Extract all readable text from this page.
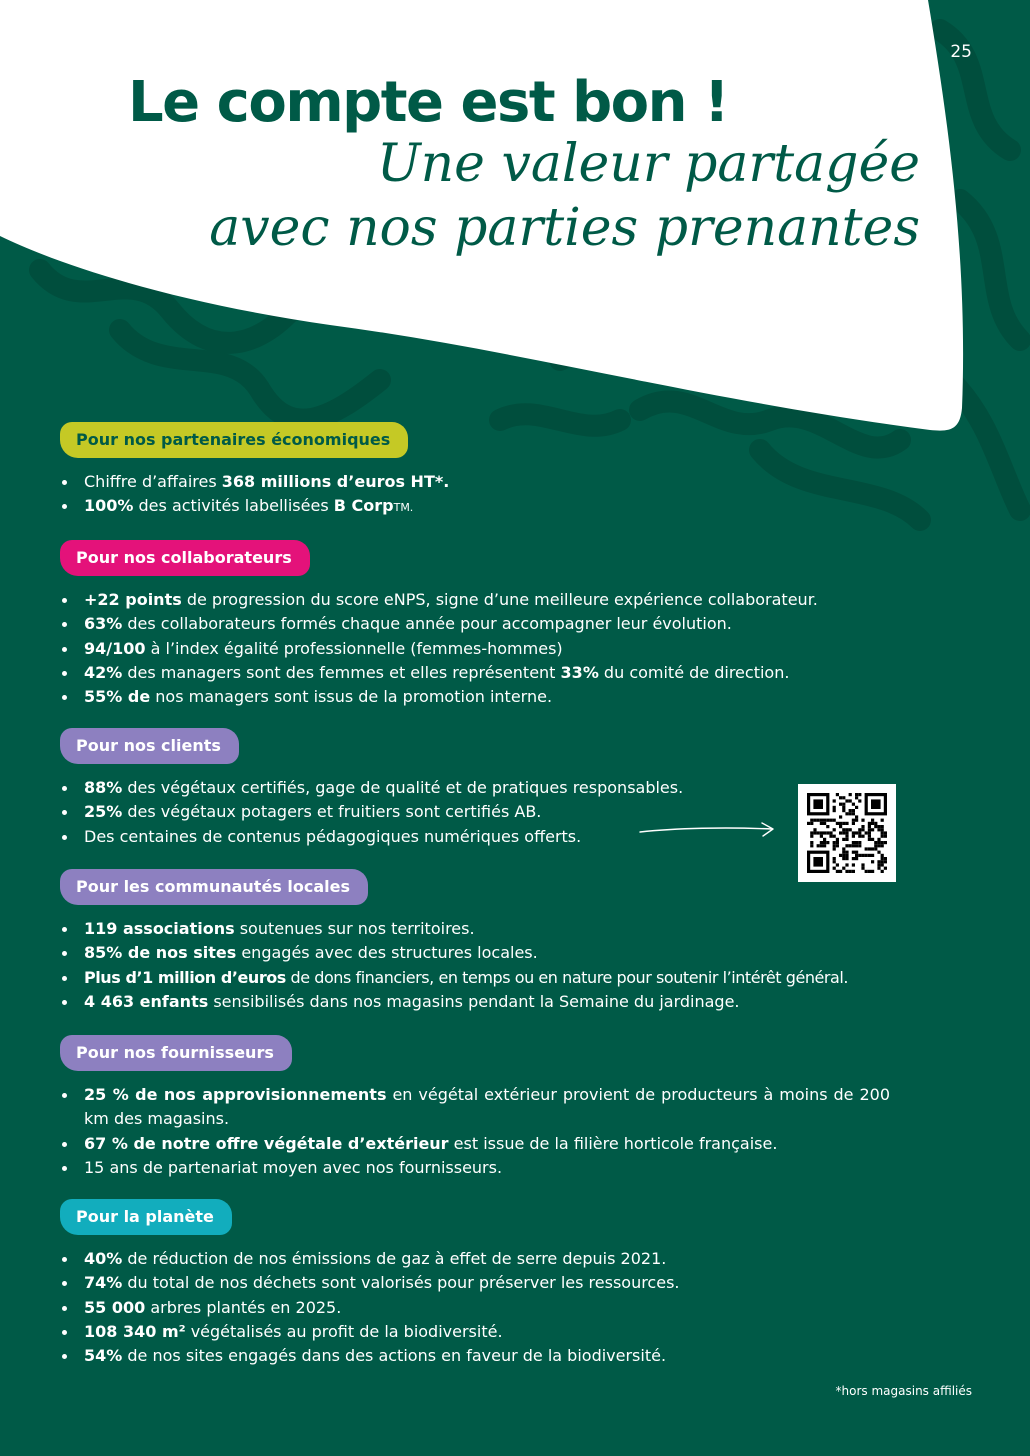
25
Le compte est bon !
Une valeur partagée
avec nos parties prenantes
Pour nos partenaires économiques
Chiffre d’affaires 368 millions d’euros HT*.
100% des activités labellisées B CorpTM.
Pour nos collaborateurs
+22 points de progression du score eNPS, signe d’une meilleure expérience collaborateur.
63% des collaborateurs formés chaque année pour accompagner leur évolution.
94/100 à l’index égalité professionnelle (femmes-hommes)
42% des managers sont des femmes et elles représentent 33% du comité de direction.
55% de nos managers sont issus de la promotion interne.
Pour nos clients
88% des végétaux certifiés, gage de qualité et de pratiques responsables.
25% des végétaux potagers et fruitiers sont certifiés AB.
Des centaines de contenus pédagogiques numériques offerts.
Pour les communautés locales
119 associations soutenues sur nos territoires.
85% de nos sites engagés avec des structures locales.
Plus d’1 million d’euros de dons financiers, en temps ou en nature pour soutenir l’intérêt général.
4 463 enfants sensibilisés dans nos magasins pendant la Semaine du jardinage.
Pour nos fournisseurs
25 % de nos approvisionnements en végétal extérieur provient de producteurs à moins de 200 km des magasins.
67 % de notre offre végétale d’extérieur est issue de la filière horticole française.
15 ans de partenariat moyen avec nos fournisseurs.
Pour la planète
40% de réduction de nos émissions de gaz à effet de serre depuis 2021.
74% du total de nos déchets sont valorisés pour préserver les ressources.
55 000 arbres plantés en 2025.
108 340 m² végétalisés au profit de la biodiversité.
54% de nos sites engagés dans des actions en faveur de la biodiversité.
*hors magasins affiliés
